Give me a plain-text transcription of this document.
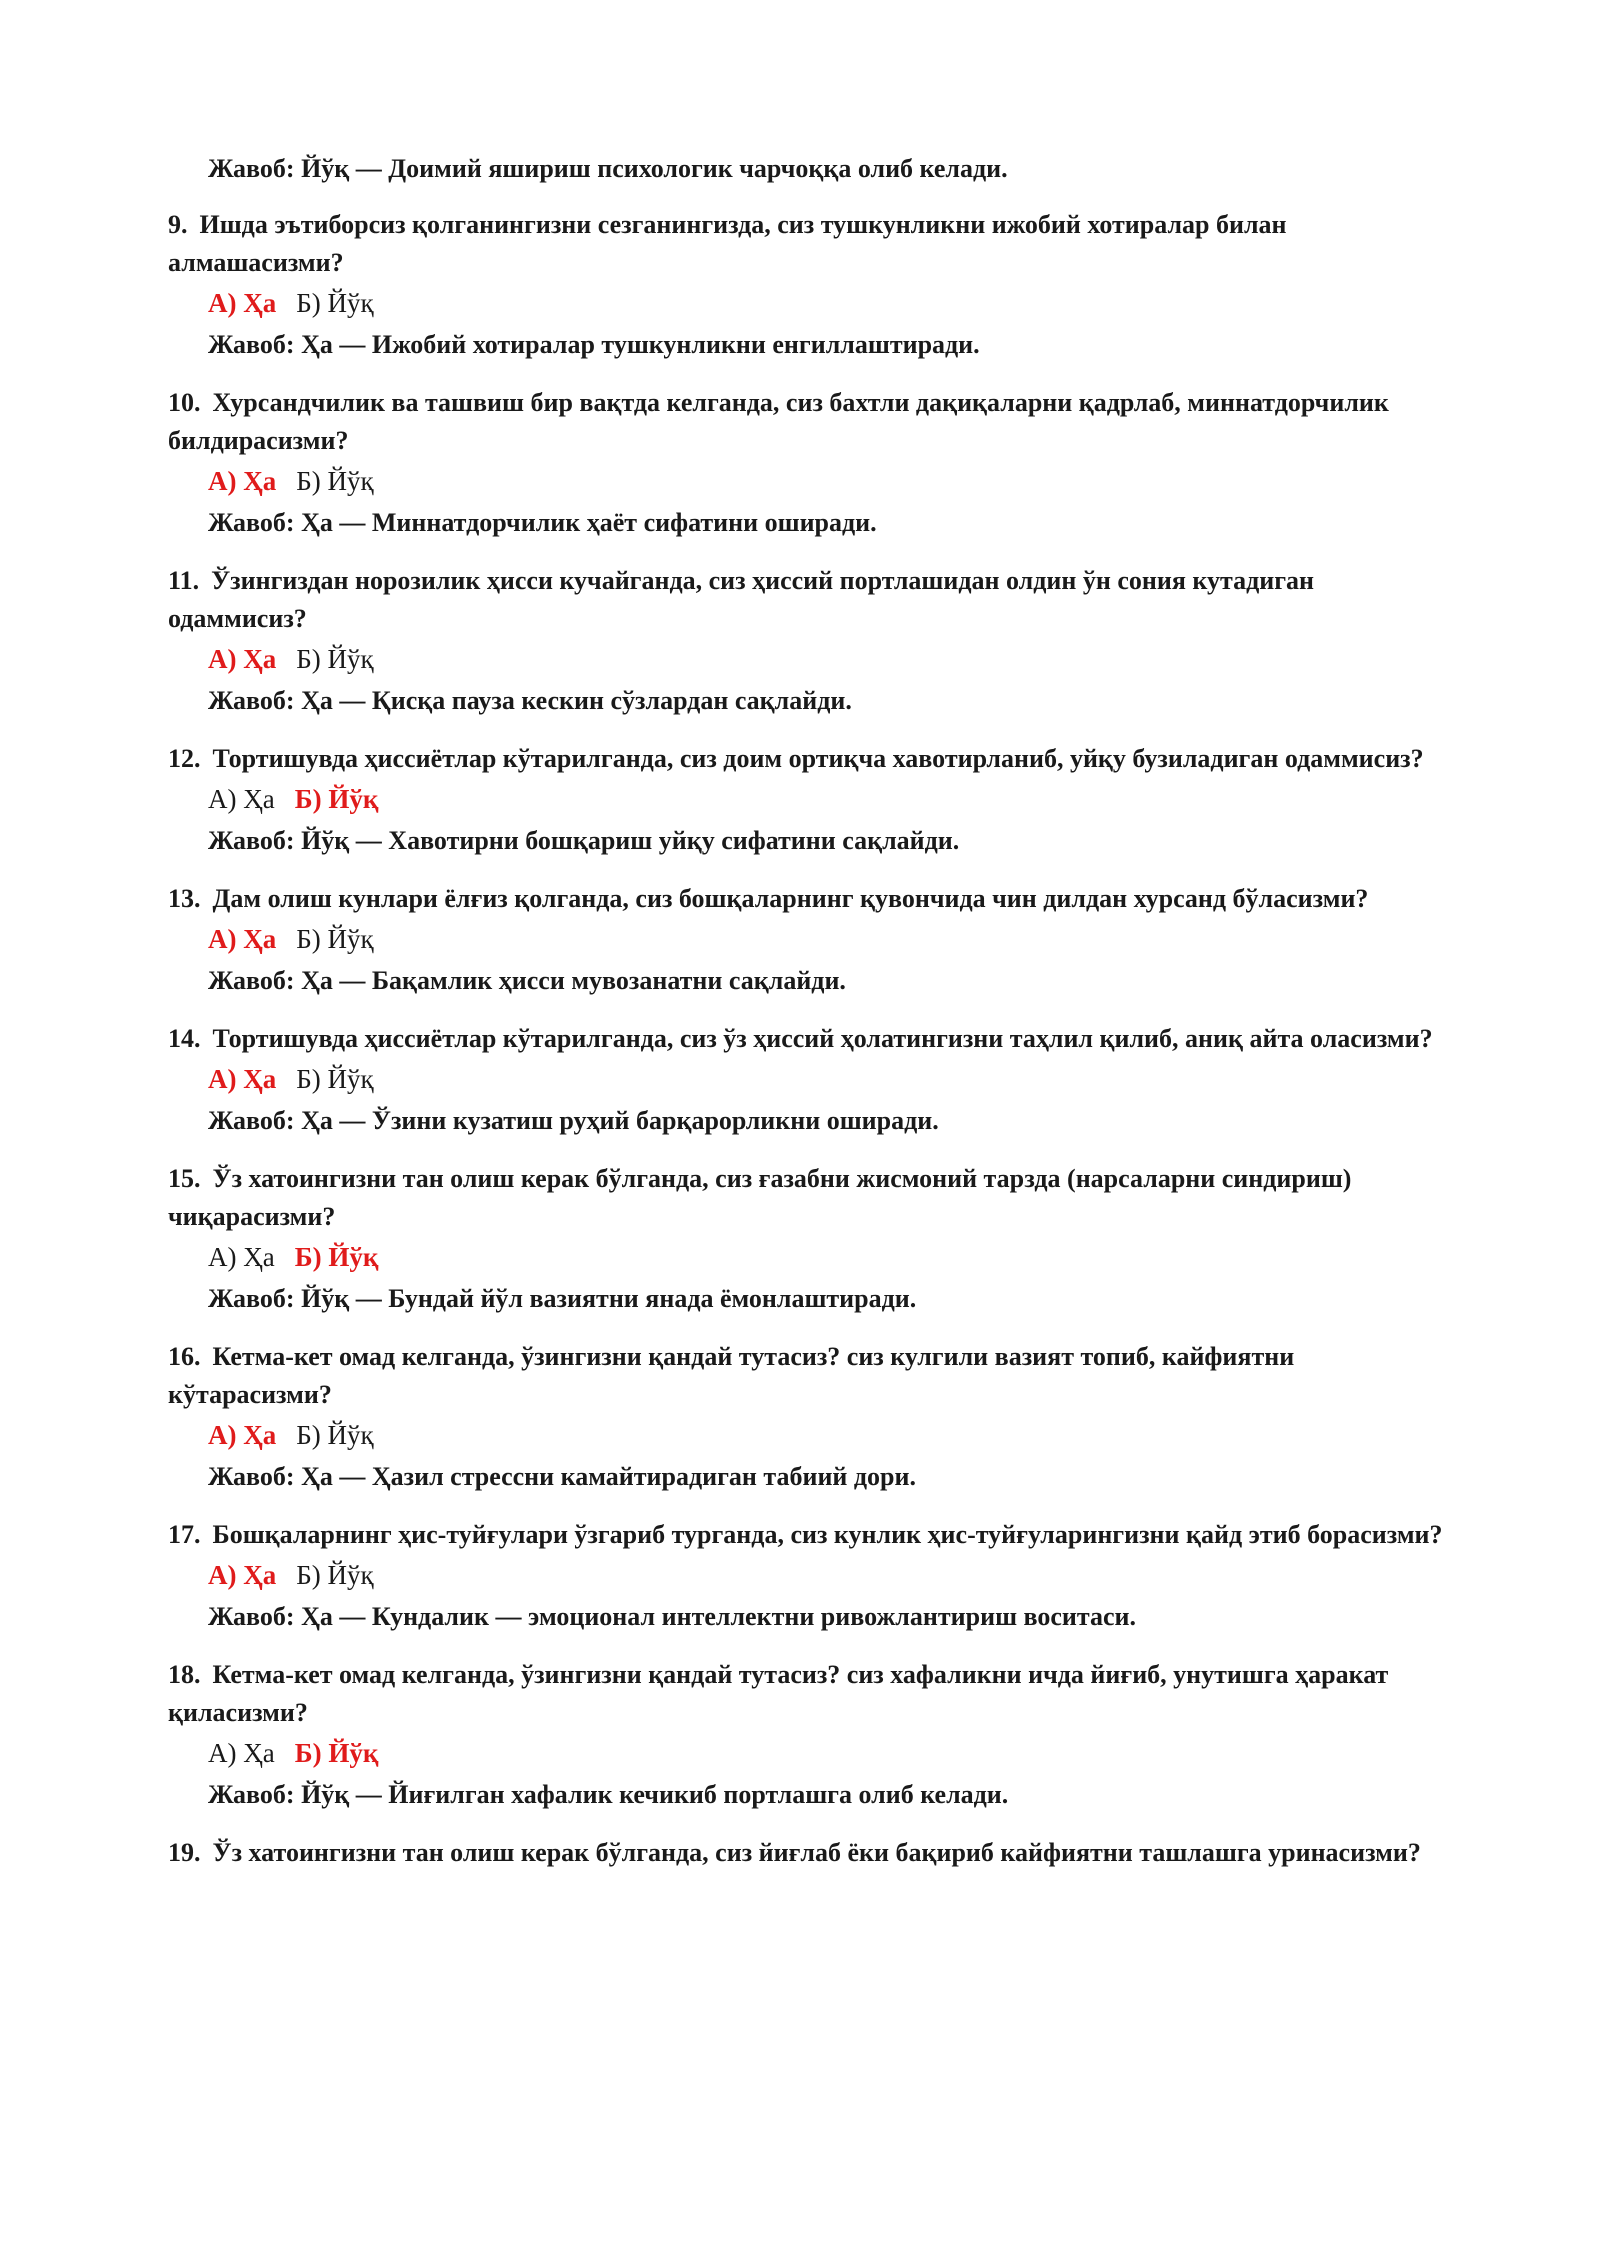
Жавоб: Йўқ — Доимий яшириш психологик чарчоққа олиб келади.
9. Ишда эътиборсиз қолганингизни сезганингизда, сиз тушкунликни ижобий хотиралар билан алмашасизми?
А) Ҳа Б) Йўқ
Жавоб: Ҳа — Ижобий хотиралар тушкунликни енгиллаштиради.
10. Хурсандчилик ва ташвиш бир вақтда келганда, сиз бахтли дақиқаларни қадрлаб, миннатдорчилик билдирасизми?
А) Ҳа Б) Йўқ
Жавоб: Ҳа — Миннатдорчилик ҳаёт сифатини оширади.
11. Ўзингиздан норозилик ҳисси кучайганда, сиз ҳиссий портлашидан олдин ўн сония кутадиган одаммисиз?
А) Ҳа Б) Йўқ
Жавоб: Ҳа — Қисқа пауза кескин сўзлардан сақлайди.
12. Тортишувда ҳиссиётлар кўтарилганда, сиз доим ортиқча хавотирланиб, уйқу бузиладиган одаммисиз?
А) Ҳа Б) Йўқ
Жавоб: Йўқ — Хавотирни бошқариш уйқу сифатини сақлайди.
13. Дам олиш кунлари ёлғиз қолганда, сиз бошқаларнинг қувончида чин дилдан хурсанд бўласизми?
А) Ҳа Б) Йўқ
Жавоб: Ҳа — Бақамлик ҳисси мувозанатни сақлайди.
14. Тортишувда ҳиссиётлар кўтарилганда, сиз ўз ҳиссий ҳолатингизни таҳлил қилиб, аниқ айта оласизми?
А) Ҳа Б) Йўқ
Жавоб: Ҳа — Ўзини кузатиш руҳий барқарорликни оширади.
15. Ўз хатоингизни тан олиш керак бўлганда, сиз ғазабни жисмоний тарзда (нарсаларни синдириш) чиқарасизми?
А) Ҳа Б) Йўқ
Жавоб: Йўқ — Бундай йўл вазиятни янада ёмонлаштиради.
16. Кетма-кет омад келганда, ўзингизни қандай тутасиз? сиз кулгили вазият топиб, кайфиятни кўтарасизми?
А) Ҳа Б) Йўқ
Жавоб: Ҳа — Ҳазил стрессни камайтирадиган табиий дори.
17. Бошқаларнинг ҳис-туйғулари ўзгариб турганда, сиз кунлик ҳис-туйғуларингизни қайд этиб борасизми?
А) Ҳа Б) Йўқ
Жавоб: Ҳа — Кундалик — эмоционал интеллектни ривожлантириш воситаси.
18. Кетма-кет омад келганда, ўзингизни қандай тутасиз? сиз хафаликни ичда йиғиб, унутишга ҳаракат қиласизми?
А) Ҳа Б) Йўқ
Жавоб: Йўқ — Йиғилган хафалик кечикиб портлашга олиб келади.
19. Ўз хатоингизни тан олиш керак бўлганда, сиз йиғлаб ёки бақириб кайфиятни ташлашга уринасизми?
